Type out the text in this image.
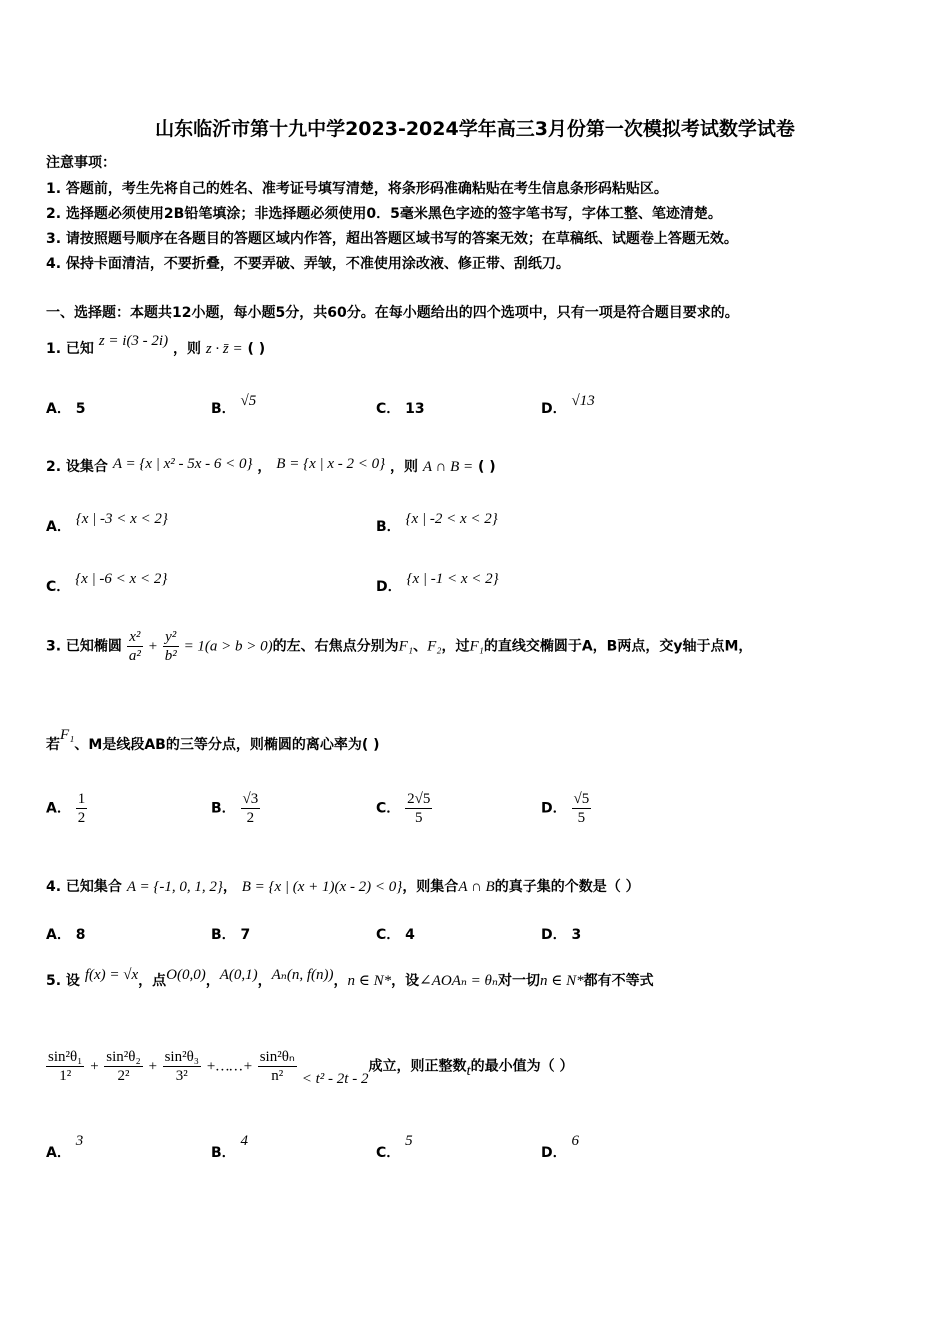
山东临沂市第十九中学2023-2024学年高三3月份第一次模拟考试数学试卷
注意事项：
1. 答题前，考生先将自己的姓名、准考证号填写清楚，将条形码准确粘贴在考生信息条形码粘贴区。
2. 选择题必须使用2B铅笔填涂；非选择题必须使用0．5毫米黑色字迹的签字笔书写，字体工整、笔迹清楚。
3. 请按照题号顺序在各题目的答题区域内作答，超出答题区域书写的答案无效；在草稿纸、试题卷上答题无效。
4. 保持卡面清洁，不要折叠，不要弄破、弄皱，不准使用涂改液、修正带、刮纸刀。
一、选择题：本题共12小题，每小题5分，共60分。在每小题给出的四个选项中，只有一项是符合题目要求的。
1. 已知 z = i(3 - 2i) ，则 z · z̄ = ( )
A． 5	B． √5	C． 13	D． √13
2. 设集合 A = {x | x² - 5x - 6 < 0} ， B = {x | x - 2 < 0} ，则 A ∩ B = ( )
A． {x | -3 < x < 2}	B． {x | -2 < x < 2}
C． {x | -6 < x < 2}	D． {x | -1 < x < 2}
3. 已知椭圆 $\frac{\text{x²}}{\text{a²}} + \frac{\text{y²}}{\text{b²}} = 1(a > b > 0)$的左、右焦点分别为F₁、F₂，过F₁的直线交椭圆于A，B两点，交y轴于点M，
若F₁、M是线段AB的三等分点，则椭圆的离心率为( )
A． $\frac{1}{2}$	B． $\frac{√3}{2}$	C． $\frac{2√5}{5}$	D． $\frac{√5}{5}$
4. 已知集合 A = {-1, 0, 1, 2}， B = {x | (x + 1)(x - 2) < 0}，则集合A ∩ B的真子集的个数是（ ）
A． 8	B． 7	C． 4	D． 3
5. 设 f(x) = √x，点O(0,0)，A(0,1)，Aₙ(n, f(n))，n ∈ N*，设∠AOAₙ = θₙ对一切n ∈ N*都有不等式
$\frac{\text{sin²θ₁}}{\text{1²}} + \frac{\text{sin²θ₂}}{\text{2²}} + \frac{\text{sin²θ₃}}{\text{3²}}$ +……+ $\frac{\text{sin²θₙ}}{\text{n²}} < t^2 - 2t - 2$成立，则正整数t的最小值为（ ）
A． 3
B． 4
C． 5
D． 6
